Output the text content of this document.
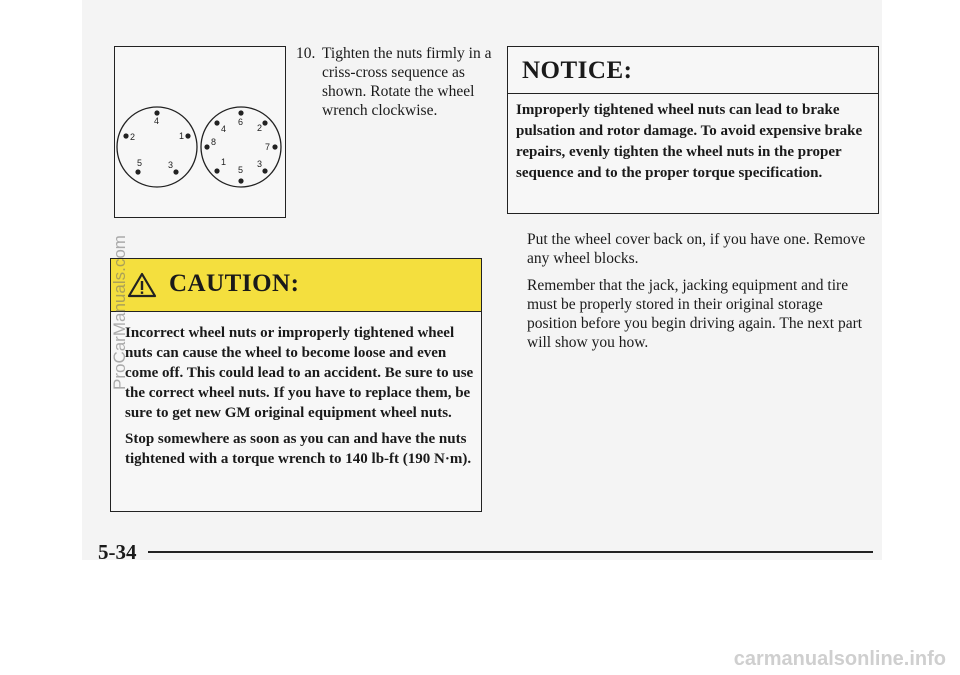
4
1
3
5
2
6
2
7
3
5
1
8
4
10. Tighten the nuts firmly in a criss-cross sequence as shown. Rotate the wheel wrench clockwise.
CAUTION:

Incorrect wheel nuts or improperly tightened wheel nuts can cause the wheel to become loose and even come off. This could lead to an accident. Be sure to use the correct wheel nuts. If you have to replace them, be sure to get new GM original equipment wheel nuts.

Stop somewhere as soon as you can and have the nuts tightened with a torque wrench to 140 lb-ft (190 N·m).

NOTICE:
Improperly tightened wheel nuts can lead to brake pulsation and rotor damage. To avoid expensive brake repairs, evenly tighten the wheel nuts in the proper sequence and to the proper torque specification.

Put the wheel cover back on, if you have one. Remove any wheel blocks.

Remember that the jack, jacking equipment and tire must be properly stored in their original storage position before you begin driving again. The next part will show you how.

5-34
ProCarManuals.com
carmanualsonline.info
